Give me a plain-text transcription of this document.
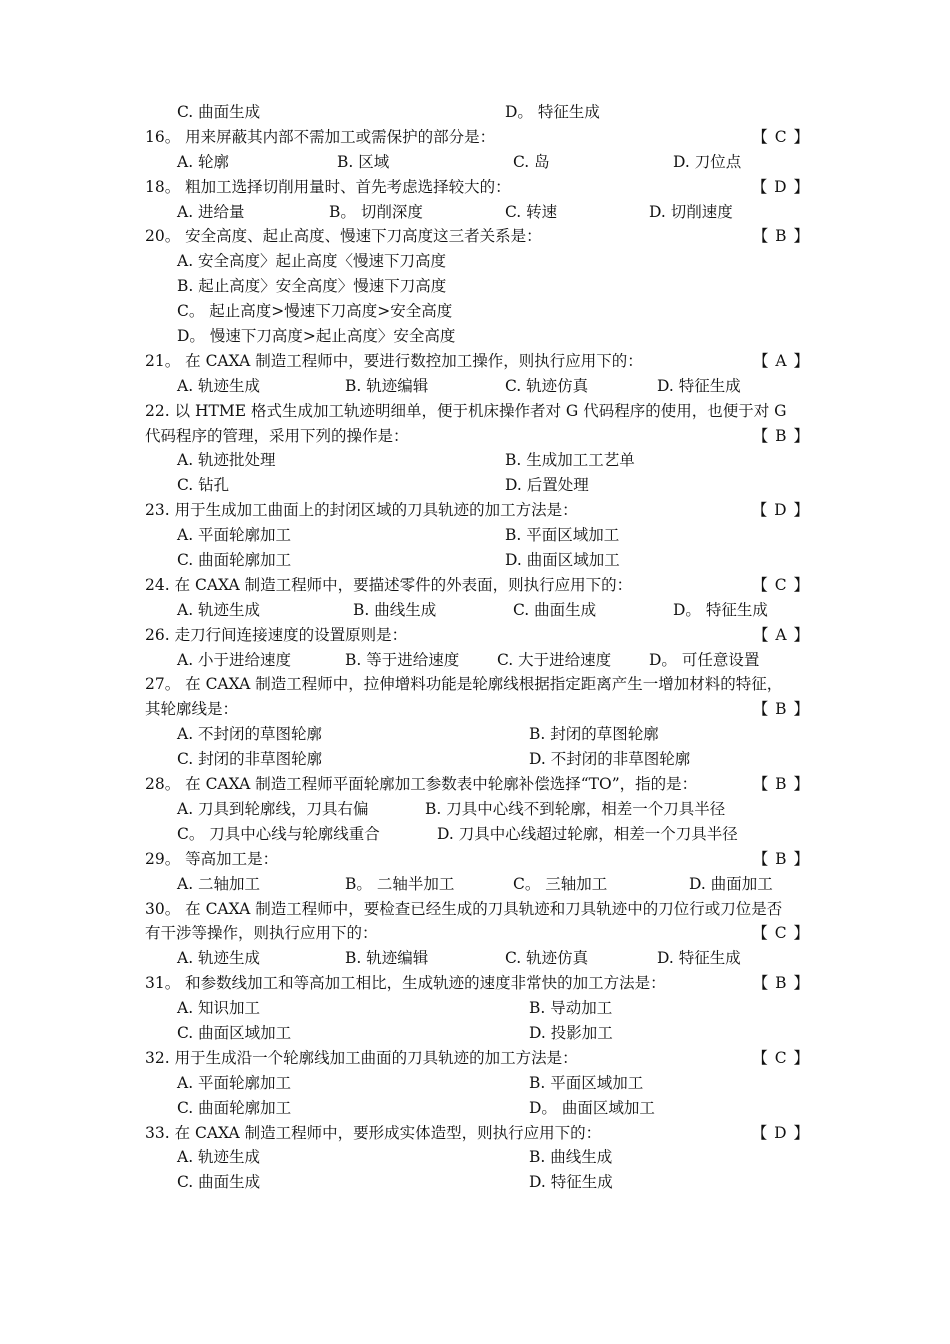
C. 曲面生成	D。 特征生成
16。 用来屏蔽其内部不需加工或需保护的部分是：	【 C 】
A. 轮廓	B. 区域	C. 岛	D. 刀位点
18。 粗加工选择切削用量时、首先考虑选择较大的：	【 D 】
A. 进给量	B。 切削深度	C. 转速	D. 切削速度
20。 安全高度、起止高度、慢速下刀高度这三者关系是：	【 B 】
A. 安全高度〉起止高度〈慢速下刀高度
B. 起止高度〉安全高度〉慢速下刀高度
C。 起止高度>慢速下刀高度>安全高度
D。 慢速下刀高度>起止高度〉安全高度
21。 在 CAXA 制造工程师中，要进行数控加工操作，则执行应用下的：	【 A 】
A. 轨迹生成	B. 轨迹编辑	C. 轨迹仿真	D. 特征生成
22. 以 HTME 格式生成加工轨迹明细单，便于机床操作者对 G 代码程序的使用，也便于对 G
代码程序的管理，采用下列的操作是：	【 B 】
A. 轨迹批处理	B. 生成加工工艺单
C. 钻孔	D. 后置处理
23. 用于生成加工曲面上的封闭区域的刀具轨迹的加工方法是：	【 D 】
A. 平面轮廓加工	B. 平面区域加工
C. 曲面轮廓加工	D. 曲面区域加工
24. 在 CAXA 制造工程师中，要描述零件的外表面，则执行应用下的：	【 C 】
A. 轨迹生成	B. 曲线生成	C. 曲面生成	D。 特征生成
26. 走刀行间连接速度的设置原则是：	【 A 】
A. 小于进给速度	B. 等于进给速度 C. 大于进给速度 D。 可任意设置
27。 在 CAXA 制造工程师中，拉伸增料功能是轮廓线根据指定距离产生一增加材料的特征，
其轮廓线是：	【 B 】
A. 不封闭的草图轮廓	B. 封闭的草图轮廓
C. 封闭的非草图轮廓	D. 不封闭的非草图轮廓
28。 在 CAXA 制造工程师平面轮廓加工参数表中轮廓补偿选择“TO”，指的是：	【 B 】
A. 刀具到轮廓线，刀具右偏	B. 刀具中心线不到轮廓，相差一个刀具半径
C。 刀具中心线与轮廓线重合	D. 刀具中心线超过轮廓，相差一个刀具半径
29。 等高加工是：	【 B 】
A. 二轴加工	B。 二轴半加工	C。 三轴加工	D. 曲面加工
30。 在 CAXA 制造工程师中，要检查已经生成的刀具轨迹和刀具轨迹中的刀位行或刀位是否
有干涉等操作，则执行应用下的：	【 C 】
A. 轨迹生成	B. 轨迹编辑	C. 轨迹仿真	D. 特征生成
31。 和参数线加工和等高加工相比，生成轨迹的速度非常快的加工方法是：	【 B 】
A. 知识加工	B. 导动加工
C. 曲面区域加工	D. 投影加工
32. 用于生成沿一个轮廓线加工曲面的刀具轨迹的加工方法是：	【 C 】
A. 平面轮廓加工	B. 平面区域加工
C. 曲面轮廓加工	D。 曲面区域加工
33. 在 CAXA 制造工程师中，要形成实体造型，则执行应用下的：	【 D 】
A. 轨迹生成	B. 曲线生成
C. 曲面生成	D. 特征生成
